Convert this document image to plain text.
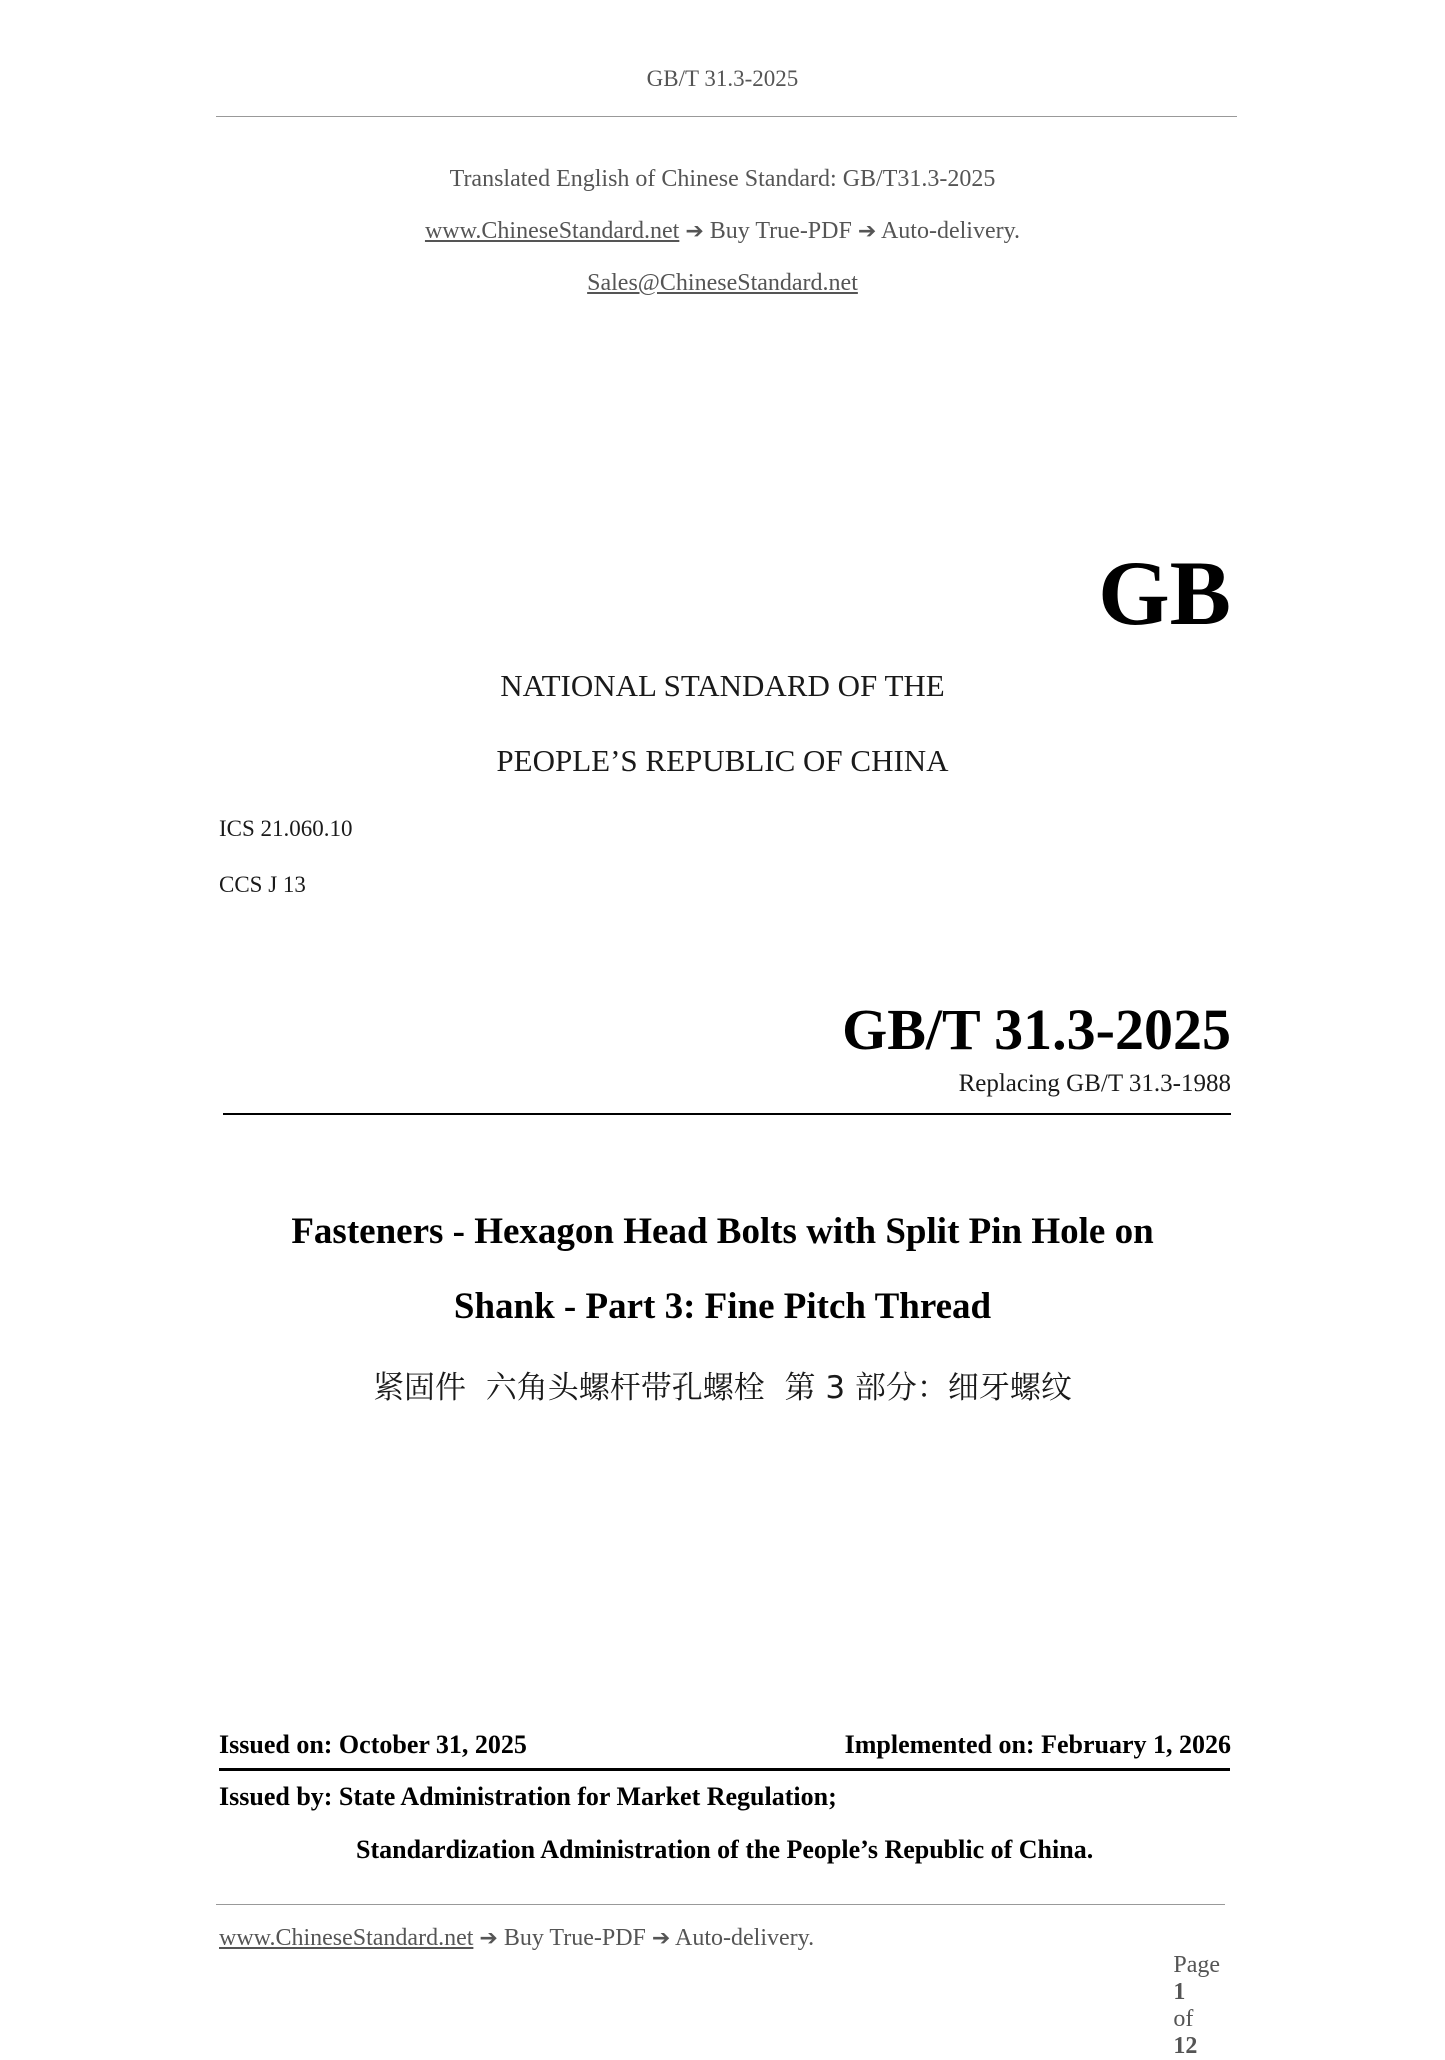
GB/T 31.3-2025
Translated English of Chinese Standard: GB/T31.3-2025
www.ChineseStandard.net ➔ Buy True-PDF ➔ Auto-delivery.
Sales@ChineseStandard.net
GB
NATIONAL STANDARD OF THE
PEOPLE’S REPUBLIC OF CHINA
ICS 21.060.10
CCS J 13
GB/T 31.3-2025
Replacing GB/T 31.3-1988
Fasteners - Hexagon Head Bolts with Split Pin Hole on
Shank - Part 3: Fine Pitch Thread
紧固件  六角头螺杆带孔螺栓  第 3 部分：细牙螺纹
Issued on: October 31, 2025	Implemented on: February 1, 2026
Issued by: State Administration for Market Regulation;
Standardization Administration of the People’s Republic of China.
www.ChineseStandard.net ➔ Buy True-PDF ➔ Auto-delivery.

Page
1
of
12
